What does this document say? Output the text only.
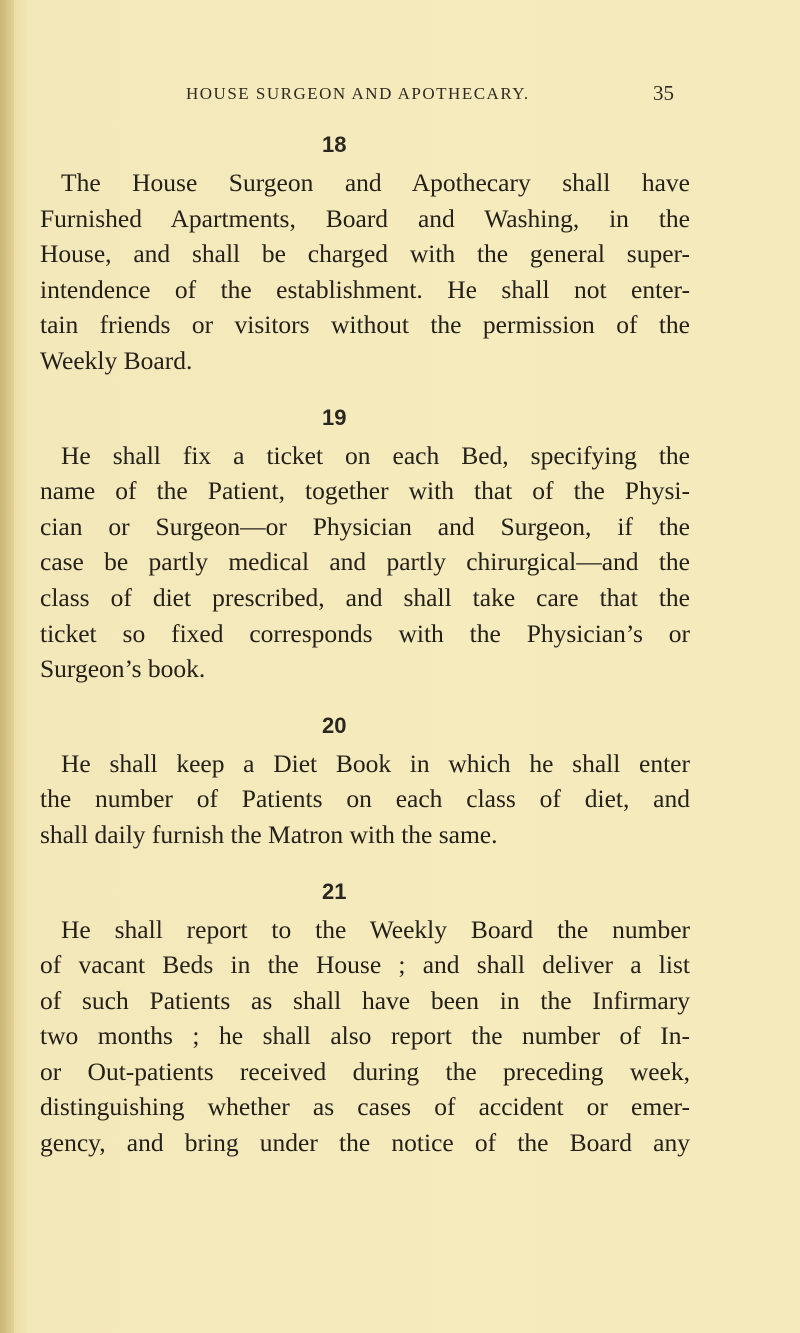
HOUSE SURGEON AND APOTHECARY.	35

18

The House Surgeon and Apothecary shall have
Furnished Apartments, Board and Washing, in the
House, and shall be charged with the general super-
intendence of the establishment. He shall not enter-
tain friends or visitors without the permission of the
Weekly Board.

19

He shall fix a ticket on each Bed, specifying the
name of the Patient, together with that of the Physi-
cian or Surgeon—or Physician and Surgeon, if the
case be partly medical and partly chirurgical—and the
class of diet prescribed, and shall take care that the
ticket so fixed corresponds with the Physician’s or
Surgeon’s book.

20

He shall keep a Diet Book in which he shall enter
the number of Patients on each class of diet, and
shall daily furnish the Matron with the same.

21

He shall report to the Weekly Board the number
of vacant Beds in the House ; and shall deliver a list
of such Patients as shall have been in the Infirmary
two months ; he shall also report the number of In-
or Out-patients received during the preceding week,
distinguishing whether as cases of accident or emer-
gency, and bring under the notice of the Board any
